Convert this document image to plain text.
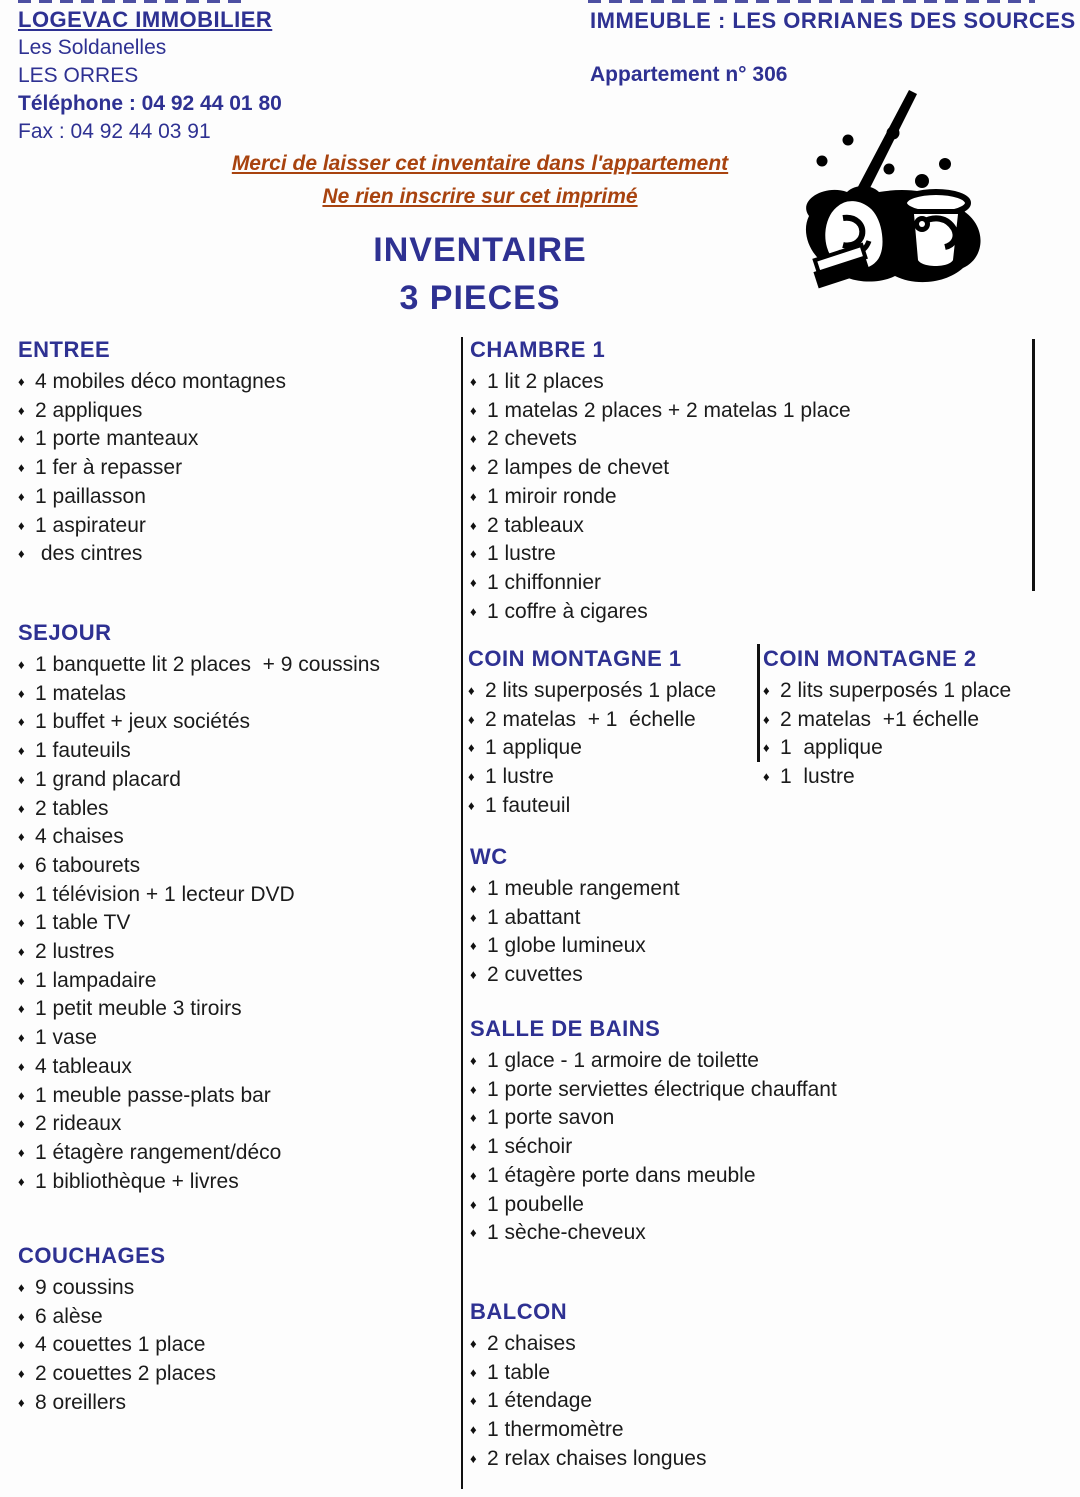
LOGEVAC IMMOBILIER
Les Soldanelles
LES ORRES
Téléphone : 04 92 44 01 80
Fax : 04 92 44 03 91
IMMEUBLE : LES ORRIANES DES SOURCES
Appartement n° 306
Merci de laisser cet inventaire dans l'appartement
Ne rien inscrire sur cet imprimé
INVENTAIRE
3 PIECES
ENTREE
♦ 4 mobiles déco montagnes
♦ 2 appliques
♦ 1 porte manteaux
♦ 1 fer à repasser
♦ 1 paillasson
♦ 1 aspirateur
♦ des cintres
SEJOUR
♦ 1 banquette lit 2 places  + 9 coussins
♦ 1 matelas
♦ 1 buffet + jeux sociétés
♦ 1 fauteuils
♦ 1 grand placard
♦ 2 tables
♦ 4 chaises
♦ 6 tabourets
♦ 1 télévision + 1 lecteur DVD
♦ 1 table TV
♦ 2 lustres
♦ 1 lampadaire
♦ 1 petit meuble 3 tiroirs
♦ 1 vase
♦ 4 tableaux
♦ 1 meuble passe-plats bar
♦ 2 rideaux
♦ 1 étagère rangement/déco
♦ 1 bibliothèque + livres
COUCHAGES
♦ 9 coussins
♦ 6 alèse
♦ 4 couettes 1 place
♦ 2 couettes 2 places
♦ 8 oreillers
CHAMBRE 1
♦ 1 lit 2 places
♦ 1 matelas 2 places + 2 matelas 1 place
♦ 2 chevets
♦ 2 lampes de chevet
♦ 1 miroir ronde
♦ 2 tableaux
♦ 1 lustre
♦ 1 chiffonnier
♦ 1 coffre à cigares
COIN MONTAGNE 1
♦ 2 lits superposés 1 place
♦ 2 matelas  + 1  échelle
♦ 1 applique
♦ 1 lustre
♦ 1 fauteuil
COIN MONTAGNE 2
♦ 2 lits superposés 1 place
♦ 2 matelas  +1 échelle
♦ 1  applique
♦ 1  lustre
WC
♦ 1 meuble rangement
♦ 1 abattant
♦ 1 globe lumineux
♦ 2 cuvettes
SALLE DE BAINS
♦ 1 glace - 1 armoire de toilette
♦ 1 porte serviettes électrique chauffant
♦ 1 porte savon
♦ 1 séchoir
♦ 1 étagère porte dans meuble
♦ 1 poubelle
♦ 1 sèche-cheveux
BALCON
♦ 2 chaises
♦ 1 table
♦ 1 étendage
♦ 1 thermomètre
♦ 2 relax chaises longues
